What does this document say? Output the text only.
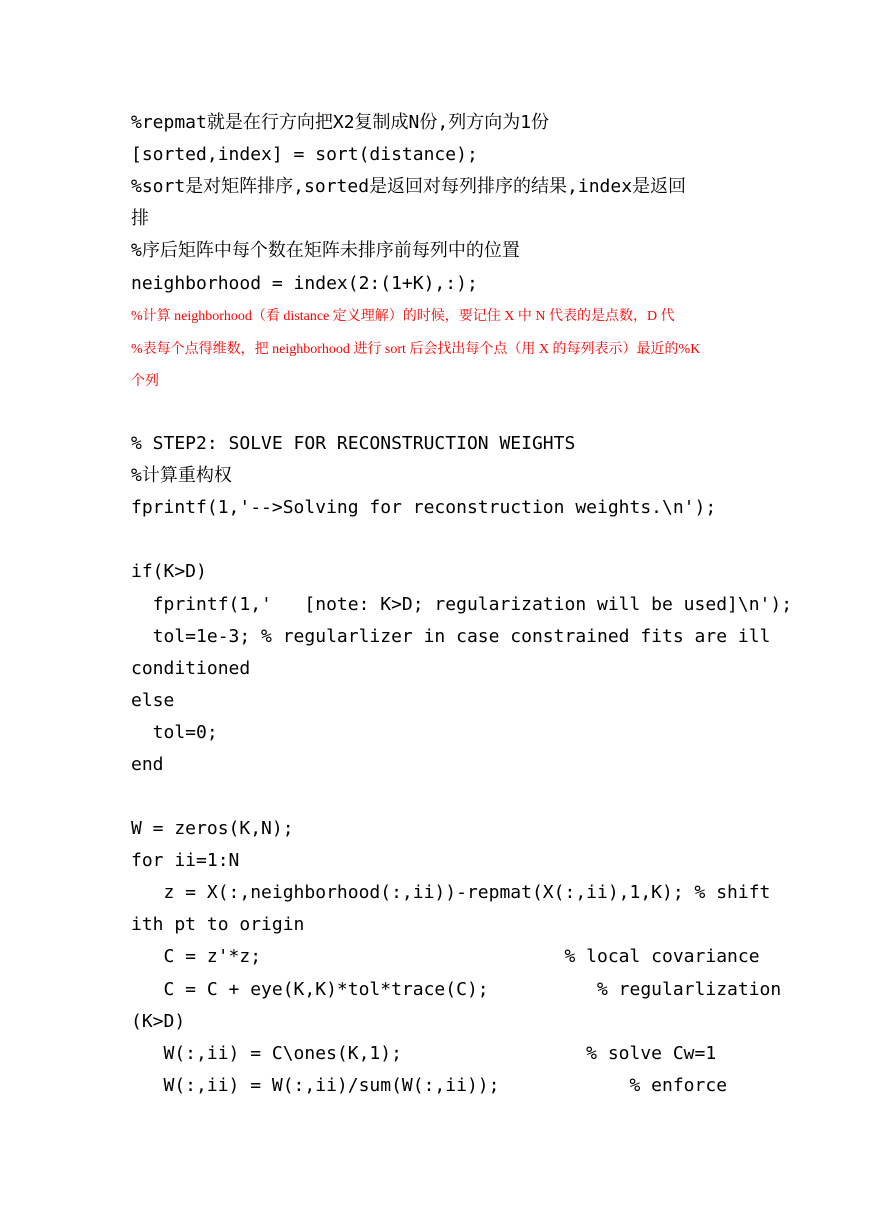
%repmat就是在行方向把X2复制成N份,列方向为1份
[sorted,index] = sort(distance);
%sort是对矩阵排序,sorted是返回对每列排序的结果,index是返回
排
%序后矩阵中每个数在矩阵未排序前每列中的位置
neighborhood = index(2:(1+K),:);
%计算 neighborhood（看 distance 定义理解）的时候，要记住 X 中 N 代表的是点数，D 代
%表每个点得维数，把 neighborhood 进行 sort 后会找出每个点（用 X 的每列表示）最近的%K
个列
% STEP2: SOLVE FOR RECONSTRUCTION WEIGHTS
%计算重构权
fprintf(1,'-->Solving for reconstruction weights.\n');
if(K>D)
fprintf(1,'   [note: K>D; regularization will be used]\n');
tol=1e-3; % regularlizer in case constrained fits are ill
conditioned
else
tol=0;
end
W = zeros(K,N);
for ii=1:N
z = X(:,neighborhood(:,ii))-repmat(X(:,ii),1,K); % shift
ith pt to origin
C = z'*z;                            % local covariance
C = C + eye(K,K)*tol*trace(C);          % regularlization
(K>D)
W(:,ii) = C\ones(K,1);                 % solve Cw=1
W(:,ii) = W(:,ii)/sum(W(:,ii));            % enforce
